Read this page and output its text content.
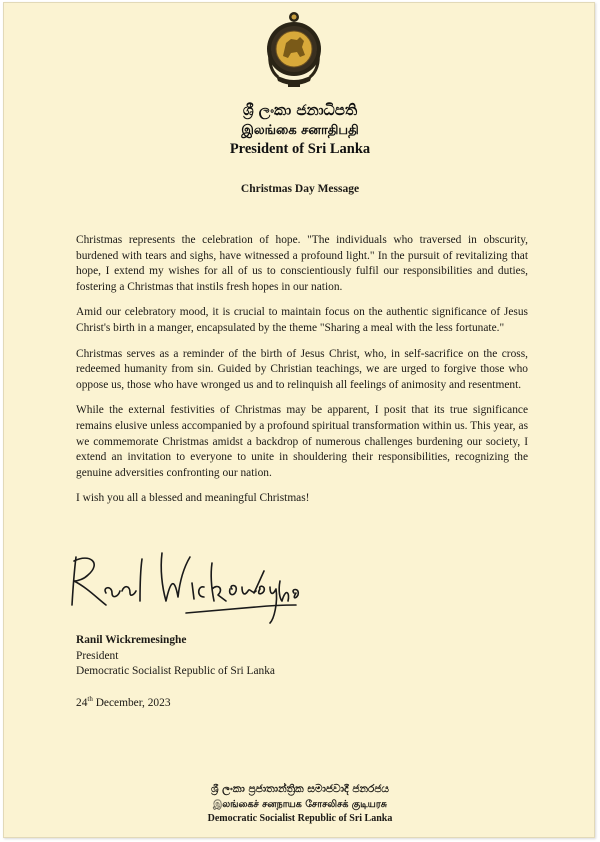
ශ්‍රී ලංකා ජනාධිපති
இலங்கை சனாதிபதி
President of Sri Lanka
Christmas Day Message

Christmas represents the celebration of hope. "The individuals who traversed in obscurity, burdened with tears and sighs, have witnessed a profound light." In the pursuit of revitalizing that hope, I extend my wishes for all of us to conscientiously fulfil our responsibilities and duties, fostering a Christmas that instils fresh hopes in our nation.

Amid our celebratory mood, it is crucial to maintain focus on the authentic significance of Jesus Christ's birth in a manger, encapsulated by the theme "Sharing a meal with the less fortunate."

Christmas serves as a reminder of the birth of Jesus Christ, who, in self-sacrifice on the cross, redeemed humanity from sin. Guided by Christian teachings, we are urged to forgive those who oppose us, those who have wronged us and to relinquish all feelings of animosity and resentment.

While the external festivities of Christmas may be apparent, I posit that its true significance remains elusive unless accompanied by a profound spiritual transformation within us. This year, as we commemorate Christmas amidst a backdrop of numerous challenges burdening our society, I extend an invitation to everyone to unite in shouldering their responsibilities, recognizing the genuine adversities confronting our nation.

I wish you all a blessed and meaningful Christmas!

Ranil Wickremesinghe
President
Democratic Socialist Republic of Sri Lanka
24th December, 2023
ශ්‍රී ලංකා ප්‍රජාතාන්ත්‍රික සමාජවාදී ජනරජය
இலங்கைச் சனநாயக சோசலிசக் குடியரசு
Democratic Socialist Republic of Sri Lanka
